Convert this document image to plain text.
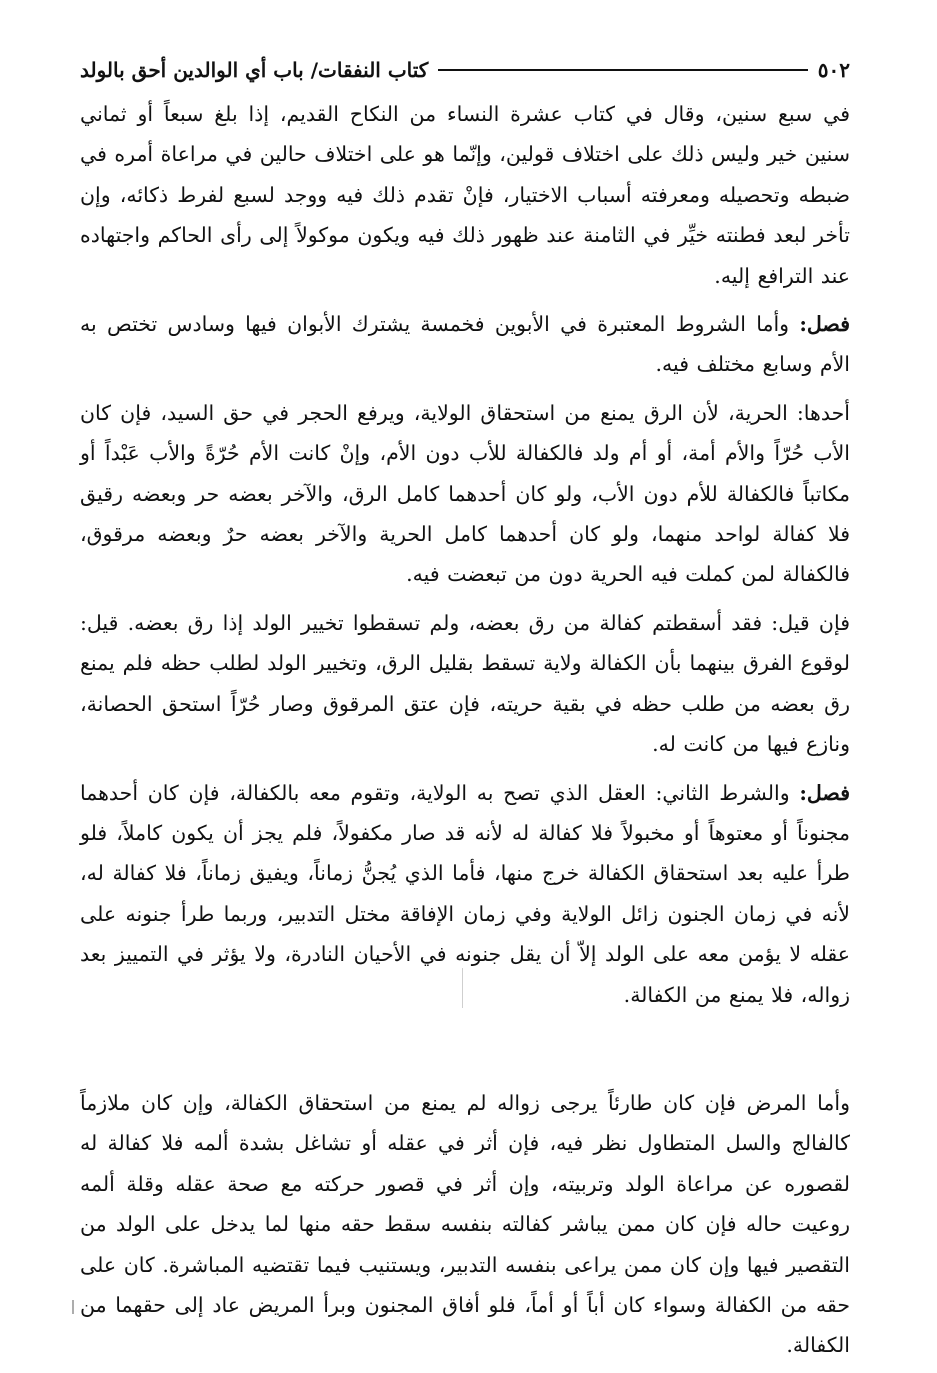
٥٠٢
كتاب النفقات/ باب أي الوالدين أحق بالولد

في سبع سنين، وقال في كتاب عشرة النساء من النكاح القديم، إذا بلغ سبعاً أو ثماني سنين خير وليس ذلك على اختلاف قولين، وإنّما هو على اختلاف حالين في مراعاة أمره في ضبطه وتحصيله ومعرفته أسباب الاختيار، فإنْ تقدم ذلك فيه ووجد لسبع لفرط ذكائه، وإن تأخر لبعد فطنته خيِّر في الثامنة عند ظهور ذلك فيه ويكون موكولاً إلى رأى الحاكم واجتهاده عند الترافع إليه.

فصل: وأما الشروط المعتبرة في الأبوين فخمسة يشترك الأبوان فيها وسادس تختص به الأم وسابع مختلف فيه.

أحدها: الحرية، لأن الرق يمنع من استحقاق الولاية، ويرفع الحجر في حق السيد، فإن كان الأب حُرّاً والأم أمة، أو أم ولد فالكفالة للأب دون الأم، وإنْ كانت الأم حُرّةً والأب عَبْداً أو مكاتباً فالكفالة للأم دون الأب، ولو كان أحدهما كامل الرق، والآخر بعضه حر وبعضه رقيق فلا كفالة لواحد منهما، ولو كان أحدهما كامل الحرية والآخر بعضه حرٌ وبعضه مرقوق، فالكفالة لمن كملت فيه الحرية دون من تبعضت فيه.

فإن قيل: فقد أسقطتم كفالة من رق بعضه، ولم تسقطوا تخيير الولد إذا رق بعضه. قيل: لوقوع الفرق بينهما بأن الكفالة ولاية تسقط بقليل الرق، وتخيير الولد لطلب حظه فلم يمنع رق بعضه من طلب حظه في بقية حريته، فإن عتق المرقوق وصار حُرّاً استحق الحصانة، ونازع فيها من كانت له.

فصل: والشرط الثاني: العقل الذي تصح به الولاية، وتقوم معه بالكفالة، فإن كان أحدهما مجنوناً أو معتوهاً أو مخبولاً فلا كفالة له لأنه قد صار مكفولاً، فلم يجز أن يكون كاملاً، فلو طرأ عليه بعد استحقاق الكفالة خرج منها، فأما الذي يُجنُّ زماناً، ويفيق زماناً، فلا كفالة له، لأنه في زمان الجنون زائل الولاية وفي زمان الإفاقة مختل التدبير، وربما طرأ جنونه على عقله لا يؤمن معه على الولد إلاّ أن يقل جنونه في الأحيان النادرة، ولا يؤثر في التمييز بعد زواله، فلا يمنع من الكفالة.

وأما المرض فإن كان طارئاً يرجى زواله لم يمنع من استحقاق الكفالة، وإن كان ملازماً كالفالج والسل المتطاول نظر فيه، فإن أثر في عقله أو تشاغل بشدة ألمه فلا كفالة له لقصوره عن مراعاة الولد وتربيته، وإن أثر في قصور حركته مع صحة عقله وقلة ألمه روعيت حاله فإن كان ممن يباشر كفالته بنفسه سقط حقه منها لما يدخل على الولد من التقصير فيها وإن كان ممن يراعى بنفسه التدبير، ويستنيب فيما تقتضيه المباشرة. كان على حقه من الكفالة وسواء كان أباً أو أماً، فلو أفاق المجنون وبرأ المريض عاد إلى حقهما من الكفالة.
